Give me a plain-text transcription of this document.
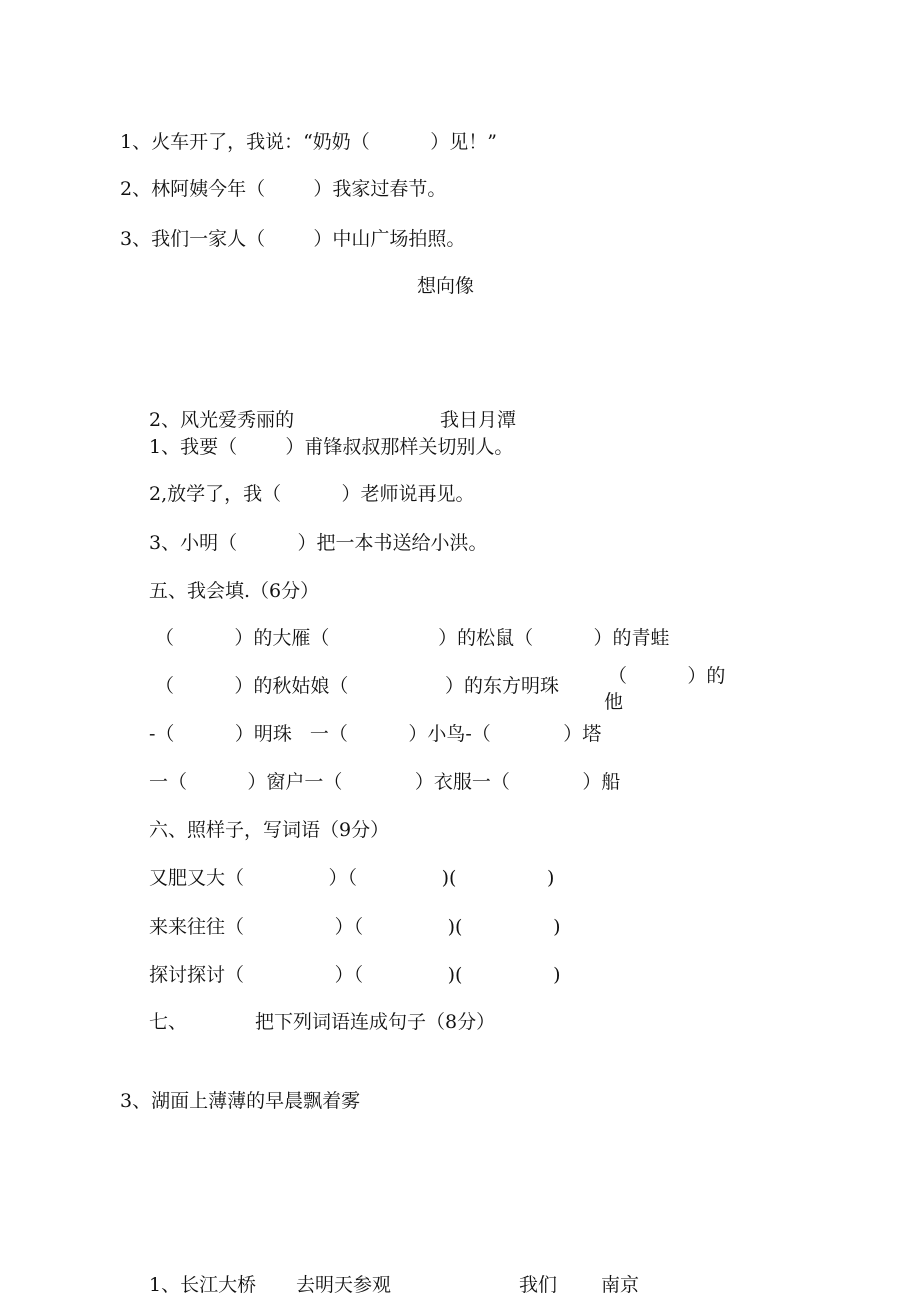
1、火车开了，我说：“奶奶（          ）见！”
2、林阿姨今年（        ）我家过春节。
3、我们一家人（        ）中山广场拍照。
想向像
2、风光爱秀丽的	我日月潭
1、我要（        ）甫锋叔叔那样关切别人。
2,放学了，我（          ）老师说再见。
3、小明（          ）把一本书送给小洪。
五、我会填.（6分）
（          ）的大雁（                  ）的松鼠（          ）的青蛙
（          ）的秋姑娘（                ）的东方明珠	（          ）的
他
-（          ）明珠   一（          ）小鸟-（            ）塔
一（          ）窗户一（            ）衣服一（            ）船
六、照样子，写词语（9分）
又肥又大（              ）（              )(               )
来来往往（               ）（              )(               )
探讨探讨（               ）（              )(               )
七、	把下列词语连成句子（8分）
3、湖面上薄薄的早晨飘着雾
1、长江大桥 去明天参观	我们 南京
